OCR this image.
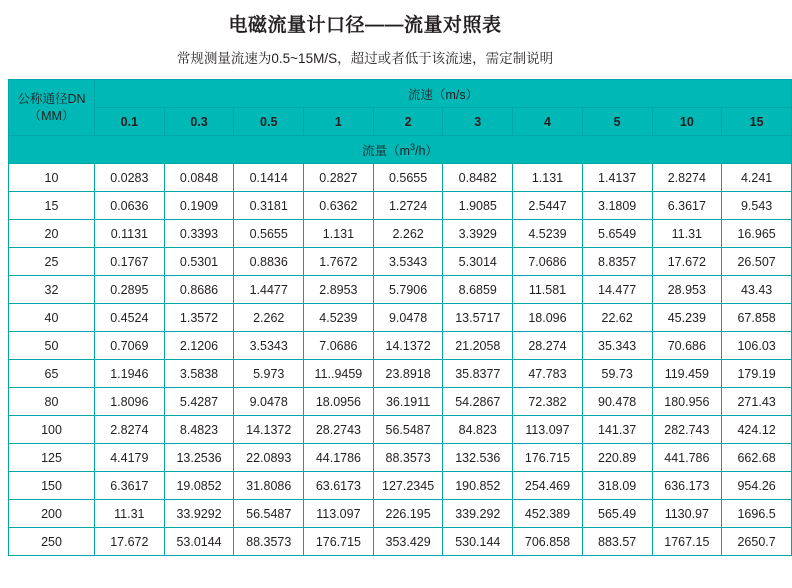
电磁流量计口径——流量对照表
常规测量流速为0.5~15M/S，超过或者低于该流速，需定制说明
公称通径DN
（MM）	流速（m/s）									
	0.1	0.3	0.5	1	2	3	4	5	10	15
流量$(m^3/h)$										
10	0.0283	0.0848	0.1414	0.2827	0.5655	0.8482	1.131	1.4137	2.8274	4.241
15	0.0636	0.1909	0.3181	0.6362	1.2724	1.9085	2.5447	3.1809	6.3617	9.543
20	0.1131	0.3393	0.5655	1.131	2.262	3.3929	4.5239	5.6549	11.31	16.965
25	0.1767	0.5301	0.8836	1.7672	3.5343	5.3014	7.0686	8.8357	17.672	26.507
32	0.2895	0.8686	1.4477	2.8953	5.7906	8.6859	11.581	14.477	28.953	43.43
40	0.4524	1.3572	2.262	4.5239	9.0478	13.5717	18.096	22.62	45.239	67.858
50	0.7069	2.1206	3.5343	7.0686	14.1372	21.2058	28.274	35.343	70.686	106.03
65	1.1946	3.5838	5.973	11..9459	23.8918	35.8377	47.783	59.73	119.459	179.19
80	1.8096	5.4287	9.0478	18.0956	36.1911	54.2867	72.382	90.478	180.956	271.43
100	2.8274	8.4823	14.1372	28.2743	56.5487	84.823	113.097	141.37	282.743	424.12
125	4.4179	13.2536	22.0893	44.1786	88.3573	132.536	176.715	220.89	441.786	662.68
150	6.3617	19.0852	31.8086	63.6173	127.2345	190.852	254.469	318.09	636.173	954.26
200	11.31	33.9292	56.5487	113.097	226.195	339.292	452.389	565.49	1130.97	1696.5
250	17.672	53.0144	88.3573	176.715	353.429	530.144	706.858	883.57	1767.15	2650.7
